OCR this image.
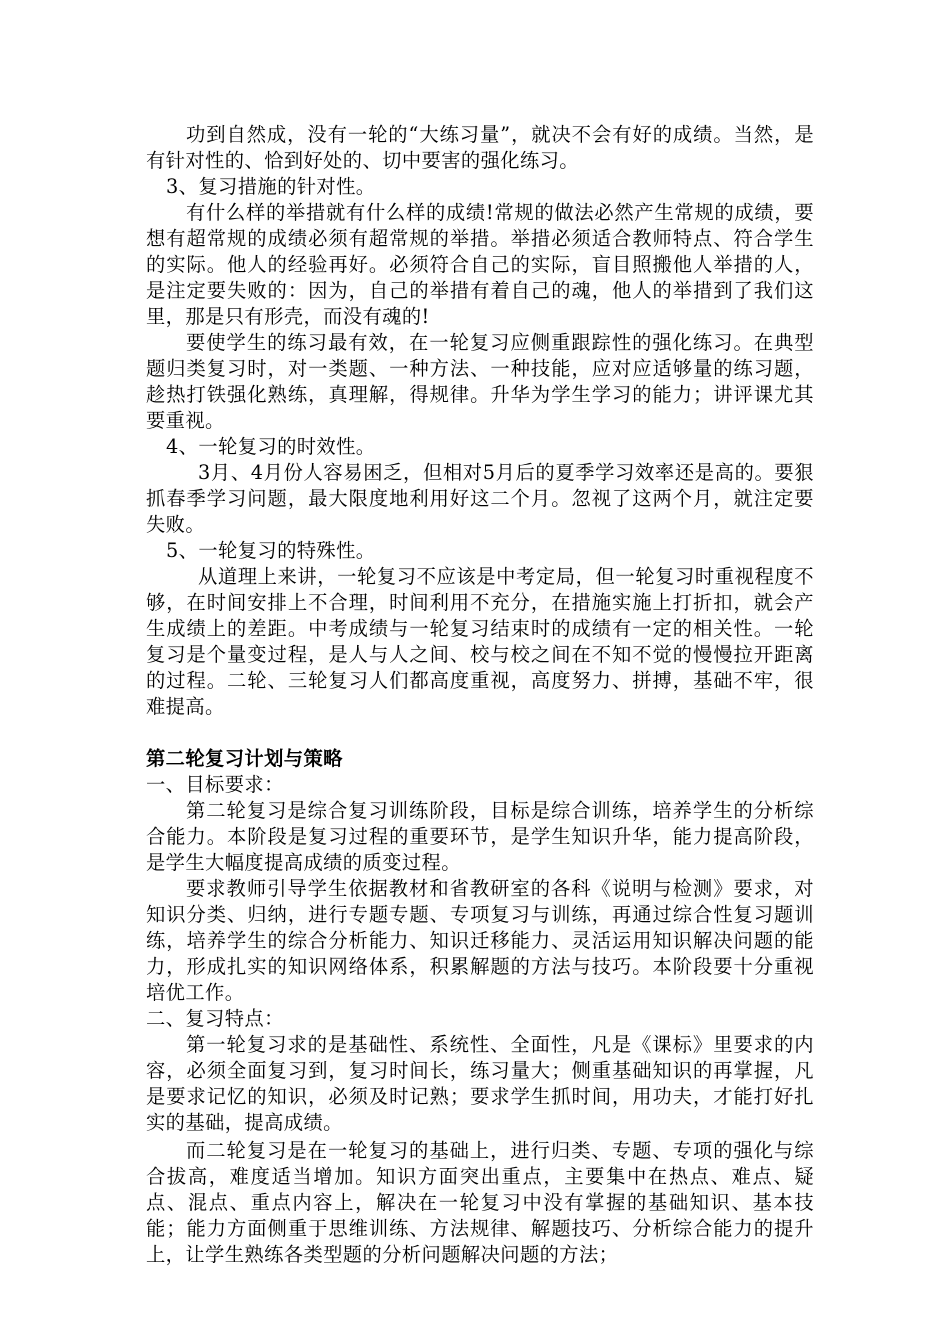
功到自然成，没有一轮的“大练习量”，就决不会有好的成绩。当然，是有针对性的、恰到好处的、切中要害的强化练习。

3、复习措施的针对性。

有什么样的举措就有什么样的成绩!常规的做法必然产生常规的成绩，要想有超常规的成绩必须有超常规的举措。举措必须适合教师特点、符合学生的实际。他人的经验再好。必须符合自己的实际，盲目照搬他人举措的人，是注定要失败的：因为，自己的举措有着自己的魂，他人的举措到了我们这里，那是只有形壳，而没有魂的!

要使学生的练习最有效，在一轮复习应侧重跟踪性的强化练习。在典型题归类复习时，对一类题、一种方法、一种技能，应对应适够量的练习题，趁热打铁强化熟练，真理解，得规律。升华为学生学习的能力；讲评课尤其要重视。

4、一轮复习的时效性。

3月、4月份人容易困乏，但相对5月后的夏季学习效率还是高的。要狠抓春季学习问题，最大限度地利用好这二个月。忽视了这两个月，就注定要失败。

5、一轮复习的特殊性。

从道理上来讲，一轮复习不应该是中考定局，但一轮复习时重视程度不够，在时间安排上不合理，时间利用不充分，在措施实施上打折扣，就会产生成绩上的差距。中考成绩与一轮复习结束时的成绩有一定的相关性。一轮复习是个量变过程，是人与人之间、校与校之间在不知不觉的慢慢拉开距离的过程。二轮、三轮复习人们都高度重视，高度努力、拼搏，基础不牢，很难提高。

第二轮复习计划与策略

一、目标要求：

第二轮复习是综合复习训练阶段，目标是综合训练，培养学生的分析综合能力。本阶段是复习过程的重要环节，是学生知识升华，能力提高阶段，是学生大幅度提高成绩的质变过程。

要求教师引导学生依据教材和省教研室的各科《说明与检测》要求，对知识分类、归纳，进行专题专题、专项复习与训练，再通过综合性复习题训练，培养学生的综合分析能力、知识迁移能力、灵活运用知识解决问题的能力，形成扎实的知识网络体系，积累解题的方法与技巧。本阶段要十分重视培优工作。

二、复习特点：

第一轮复习求的是基础性、系统性、全面性，凡是《课标》里要求的内容，必须全面复习到，复习时间长，练习量大；侧重基础知识的再掌握，凡是要求记忆的知识，必须及时记熟；要求学生抓时间，用功夫，才能打好扎实的基础，提高成绩。

而二轮复习是在一轮复习的基础上，进行归类、专题、专项的强化与综合拔高，难度适当增加。知识方面突出重点，主要集中在热点、难点、疑点、混点、重点内容上，解决在一轮复习中没有掌握的基础知识、基本技能；能力方面侧重于思维训练、方法规律、解题技巧、分析综合能力的提升上，让学生熟练各类型题的分析问题解决问题的方法；
